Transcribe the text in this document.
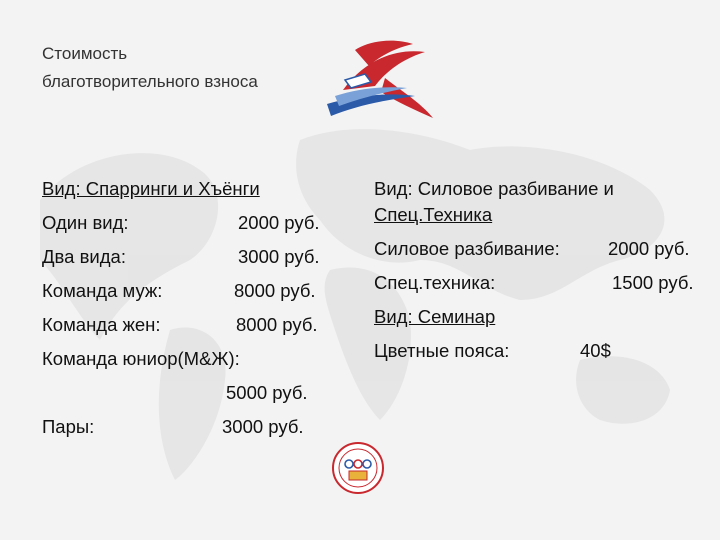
Стоимость
благотворительного взноса
Вид: Спарринги и Хъёнги
Один вид:	2000 руб.
Два вида:	3000 руб.
Команда муж:	8000 руб.
Команда жен:	8000 руб.
Команда юниор(М&Ж):
5000 руб.
Пары:	3000 руб.
Вид: Силовое разбивание и
Спец.Техника
Силовое разбивание:	2000 руб.
Спец.техника:	1500 руб.
Вид: Семинар
Цветные пояса:	40$
